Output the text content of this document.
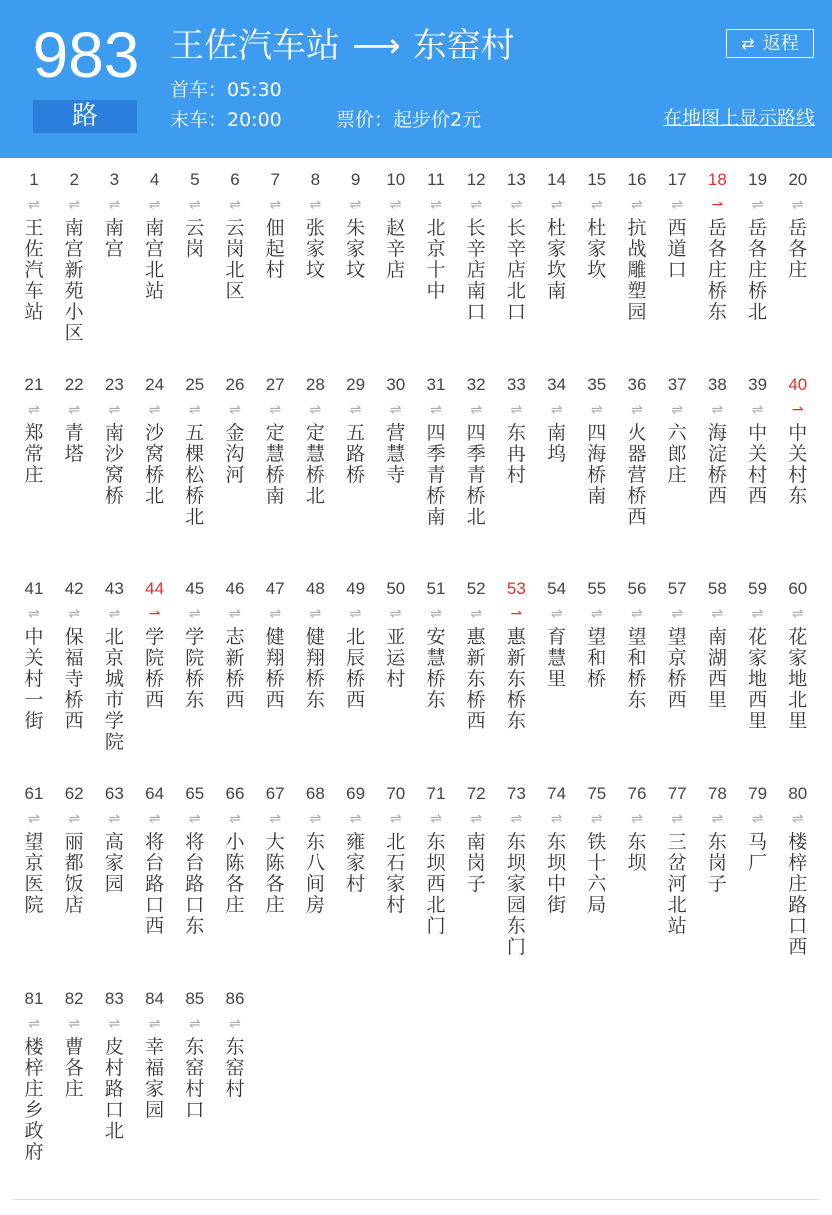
983
路
王佐汽车站 ⟶ 东窑村
首车：05:30
末车：20:00	票价：起步价2元
⇄ 返程
在地图上显示路线
1
⇌
王佐汽车站
2
⇌
南宫新苑小区
3
⇌
南宫
4
⇌
南宫北站
5
⇌
云岗
6
⇌
云岗北区
7
⇌
佃起村
8
⇌
张家坟
9
⇌
朱家坟
10
⇌
赵辛店
11
⇌
北京十中
12
⇌
长辛店南口
13
⇌
长辛店北口
14
⇌
杜家坎南
15
⇌
杜家坎
16
⇌
抗战雕塑园
17
⇌
西道口
18
⇀
岳各庄桥东
19
⇌
岳各庄桥北
20
⇌
岳各庄
21
⇌
郑常庄
22
⇌
青塔
23
⇌
南沙窝桥
24
⇌
沙窝桥北
25
⇌
五棵松桥北
26
⇌
金沟河
27
⇌
定慧桥南
28
⇌
定慧桥北
29
⇌
五路桥
30
⇌
营慧寺
31
⇌
四季青桥南
32
⇌
四季青桥北
33
⇌
东冉村
34
⇌
南坞
35
⇌
四海桥南
36
⇌
火器营桥西
37
⇌
六郎庄
38
⇌
海淀桥西
39
⇌
中关村西
40
⇀
中关村东
41
⇌
中关村一街
42
⇌
保福寺桥西
43
⇌
北京城市学院
44
⇀
学院桥西
45
⇌
学院桥东
46
⇌
志新桥西
47
⇌
健翔桥西
48
⇌
健翔桥东
49
⇌
北辰桥西
50
⇌
亚运村
51
⇌
安慧桥东
52
⇌
惠新东桥西
53
⇀
惠新东桥东
54
⇌
育慧里
55
⇌
望和桥
56
⇌
望和桥东
57
⇌
望京桥西
58
⇌
南湖西里
59
⇌
花家地西里
60
⇌
花家地北里
61
⇌
望京医院
62
⇌
丽都饭店
63
⇌
高家园
64
⇌
将台路口西
65
⇌
将台路口东
66
⇌
小陈各庄
67
⇌
大陈各庄
68
⇌
东八间房
69
⇌
雍家村
70
⇌
北石家村
71
⇌
东坝西北门
72
⇌
南岗子
73
⇌
东坝家园东门
74
⇌
东坝中街
75
⇌
铁十六局
76
⇌
东坝
77
⇌
三岔河北站
78
⇌
东岗子
79
⇌
马厂
80
⇌
楼梓庄路口西
81
⇌
楼梓庄乡政府
82
⇌
曹各庄
83
⇌
皮村路口北
84
⇌
幸福家园
85
⇌
东窑村口
86
⇌
东窑村
